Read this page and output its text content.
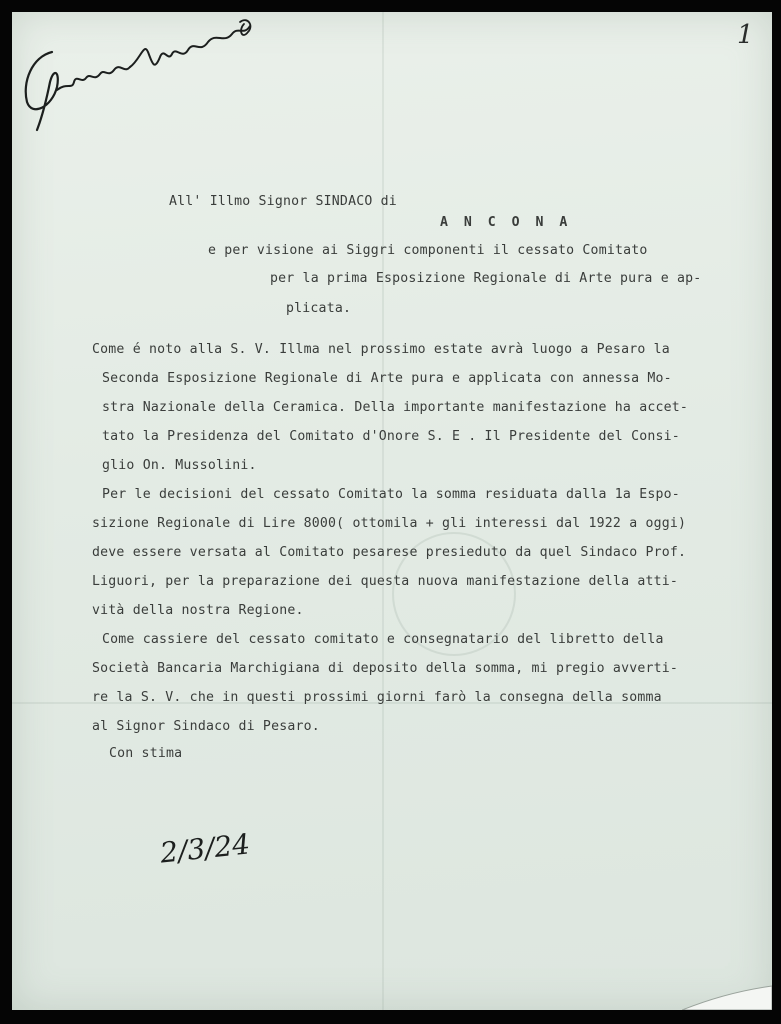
1
All' Illmo Signor SINDACO di
A N C O N A
e per visione ai Siggri componenti il cessato Comitato
per la prima Esposizione Regionale di Arte pura e ap-
plicata.
Come é noto alla S. V. Illma nel prossimo estate avrà luogo a Pesaro la
Seconda Esposizione Regionale di Arte pura e applicata con annessa Mo-
stra Nazionale della Ceramica. Della importante manifestazione ha accet-
tato la Presidenza del Comitato d'Onore S. E . Il Presidente del Consi-
glio On. Mussolini.
Per le decisioni del cessato Comitato la somma residuata dalla 1a Espo-
sizione Regionale di Lire 8000( ottomila + gli interessi dal 1922 a oggi)
deve essere versata al Comitato pesarese presieduto da quel Sindaco Prof.
Liguori, per la preparazione dei questa nuova manifestazione della atti-
vità della nostra Regione.
Come cassiere del cessato comitato e consegnatario del libretto della
Società Bancaria Marchigiana di deposito della somma, mi pregio avverti-
re la S. V. che in questi prossimi giorni farò la consegna della somma
al Signor Sindaco di Pesaro.
Con stima
2/3/24
